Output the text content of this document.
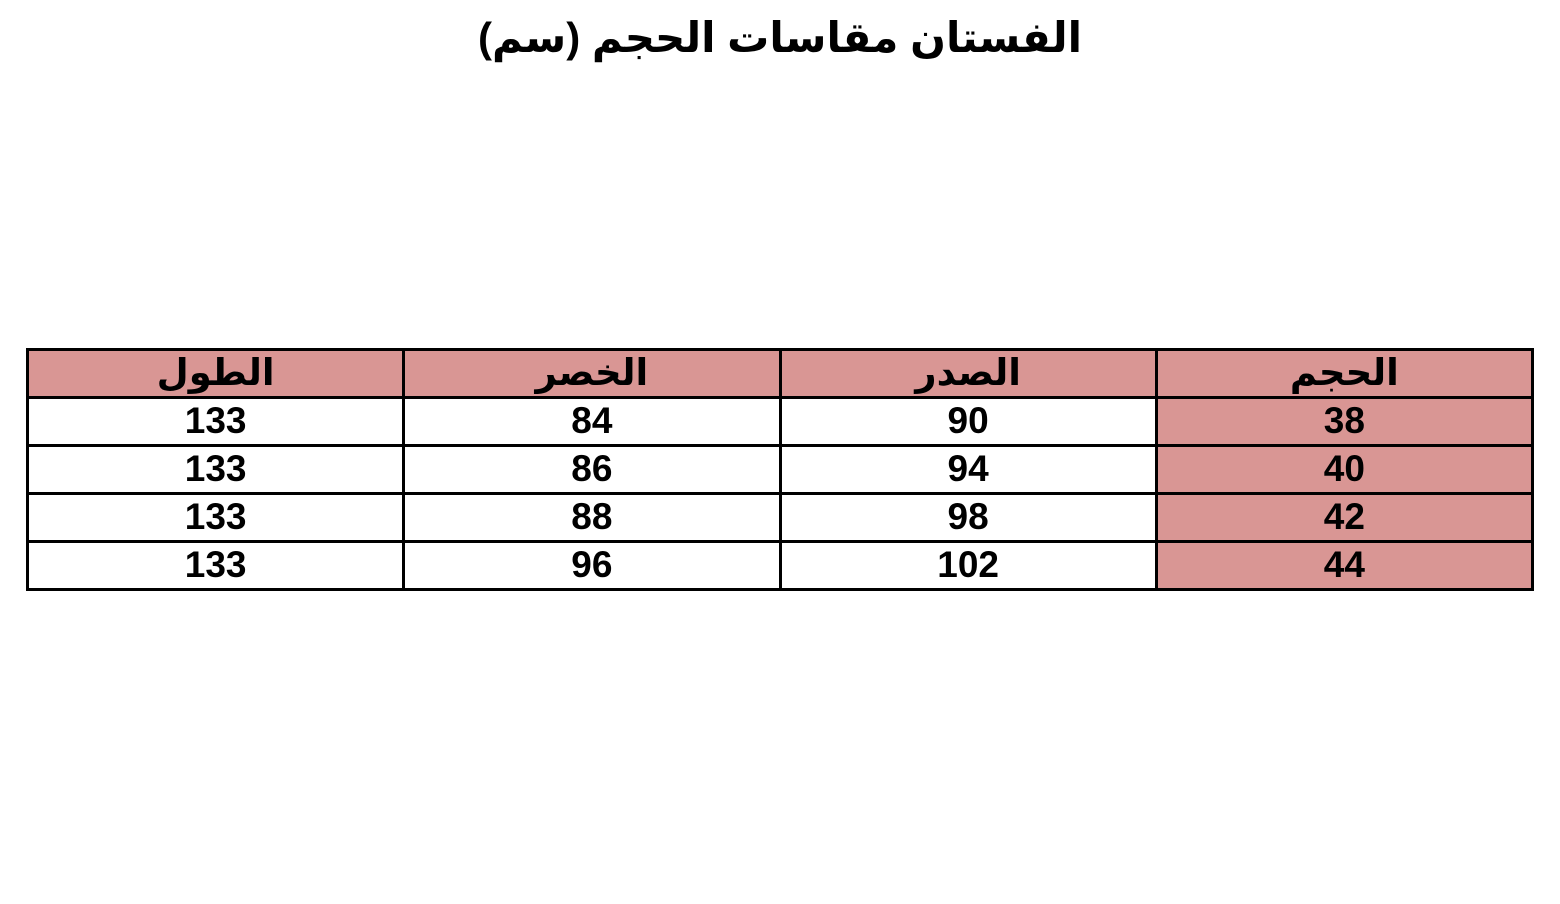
الفستان مقاسات الحجم (سم)
الحجم	الصدر	الخصر	الطول
38	90	84	133
40	94	86	133
42	98	88	133
44	102	96	133
